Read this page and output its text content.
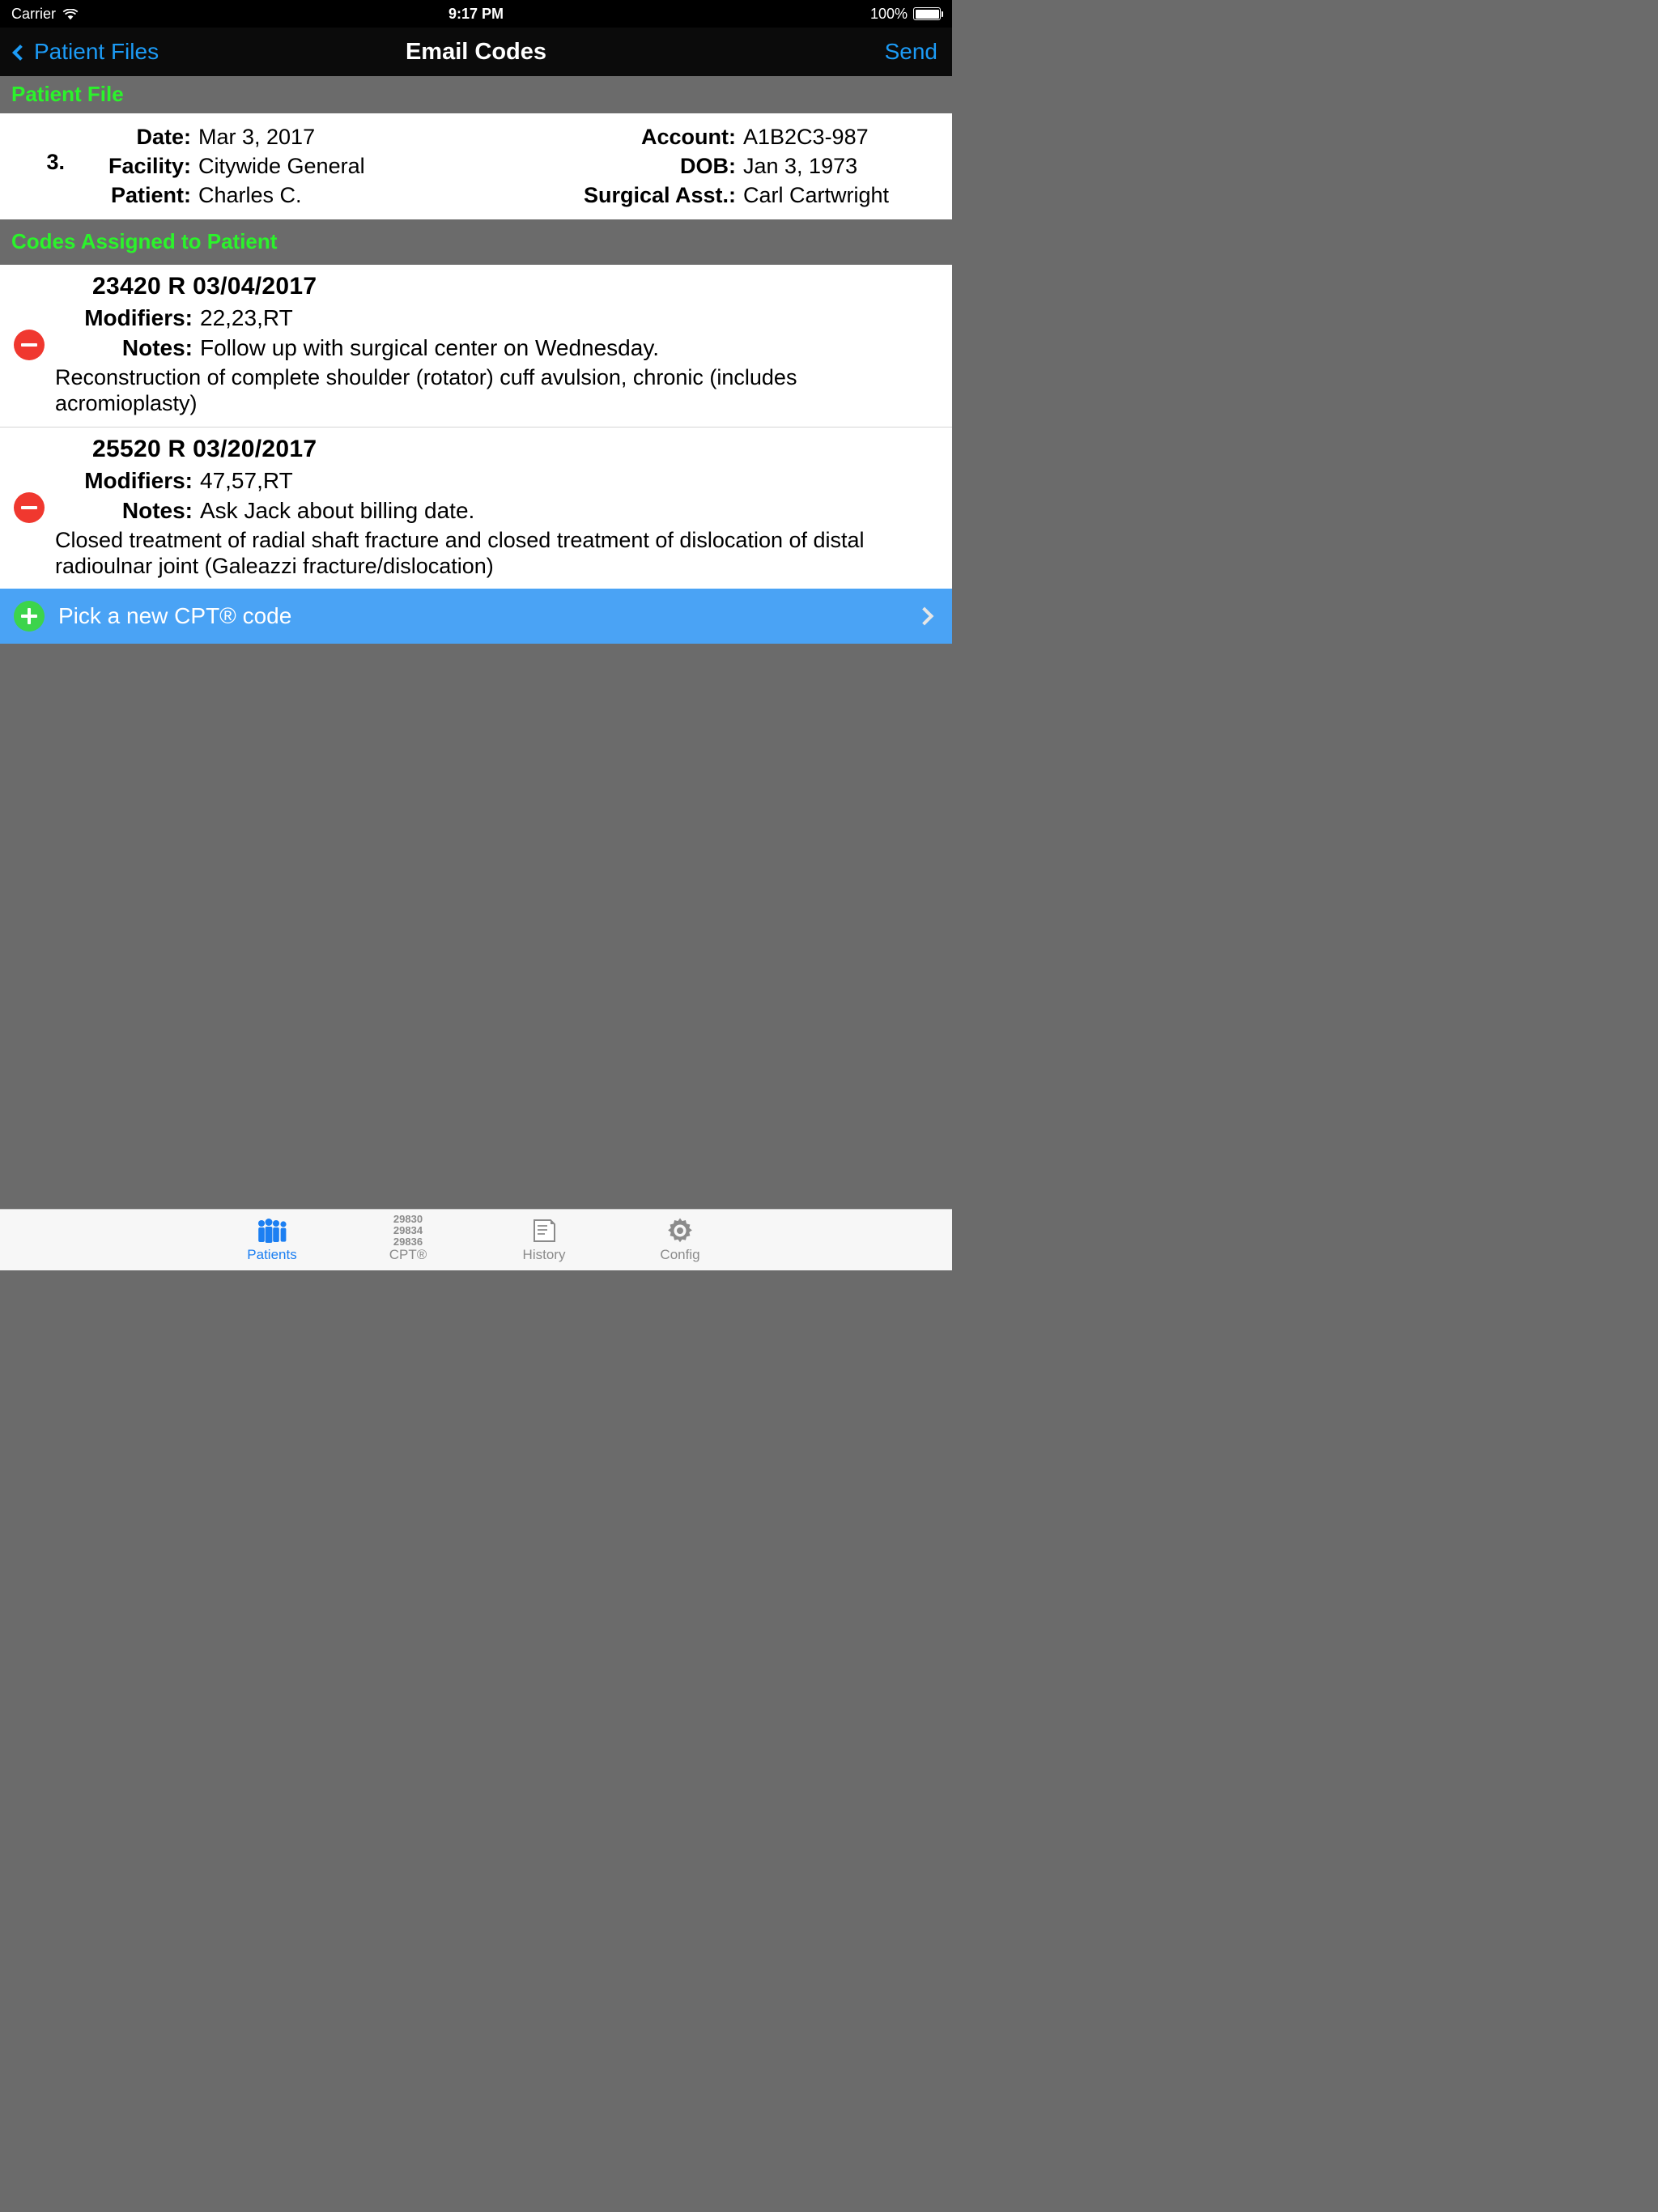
Carrier	9:17 PM	100%
Patient Files	Email Codes	Send
Patient File
3.
Date: Mar 3, 2017
Facility: Citywide General
Patient: Charles C.
Account: A1B2C3-987
DOB: Jan 3, 1973
Surgical Asst.: Carl Cartwright
Codes Assigned to Patient
23420 R 03/04/2017
Modifiers: 22,23,RT
Notes: Follow up with surgical center on Wednesday.
Reconstruction of complete shoulder (rotator) cuff avulsion, chronic (includes acromioplasty)
25520 R 03/20/2017
Modifiers: 47,57,RT
Notes: Ask Jack about billing date.
Closed treatment of radial shaft fracture and closed treatment of dislocation of distal radioulnar joint (Galeazzi fracture/dislocation)
Pick a new CPT® code
Patients
29830
29834
29836
CPT®	History	Config
